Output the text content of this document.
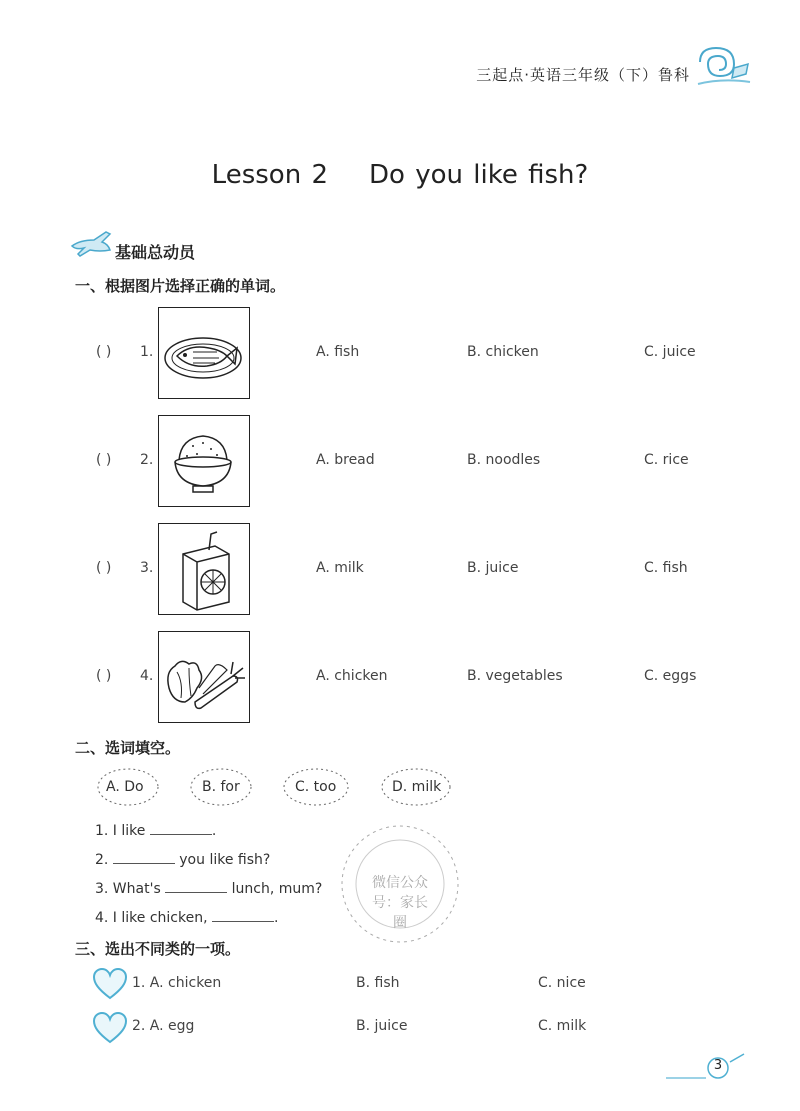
三起点·英语三年级（下）鲁科
Lesson 2    Do you like fish?
基础总动员
一、根据图片选择正确的单词。
( ) 1.	A. fish	B. chicken	C. juice
( ) 2.	A. bread	B. noodles	C. rice
( ) 3.	A. milk	B. juice	C. fish
( ) 4.	A. chicken	B. vegetables	C. eggs
二、选词填空。
A. Do	B. for	C. too	D. milk
1. I like	.
2.	you like fish?
3. What's	lunch, mum?
4. I like chicken,	.
微信公众号：家长圈
三、选出不同类的一项。
1. A. chicken	B. fish	C. nice
2. A. egg	B. juice	C. milk
3
